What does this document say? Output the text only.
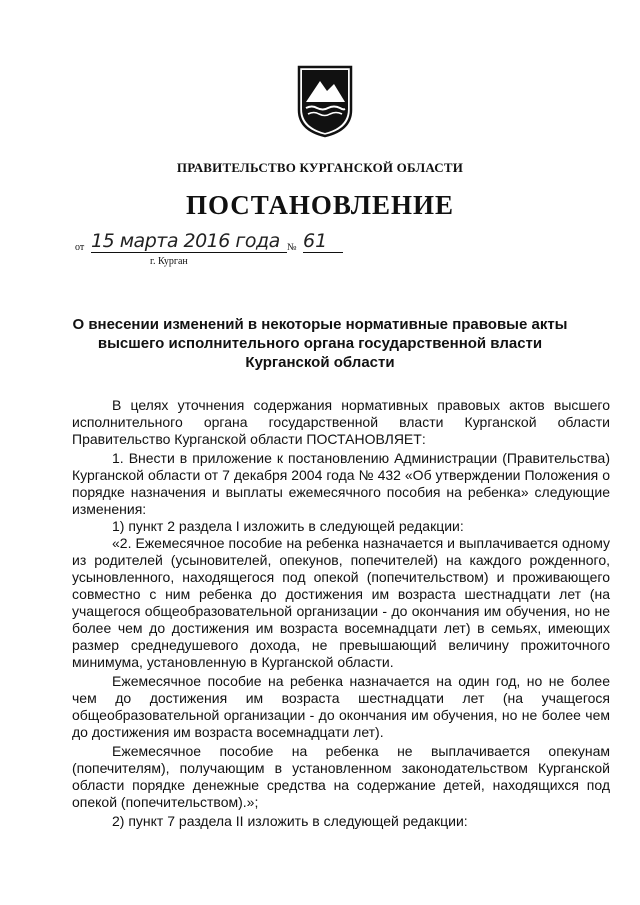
ПРАВИТЕЛЬСТВО КУРГАНСКОЙ ОБЛАСТИ
ПОСТАНОВЛЕНИЕ
от 15 марта 2016 года № 61
г. Курган
О внесении изменений в некоторые нормативные правовые акты
высшего исполнительного органа государственной власти
Курганской области

В целях уточнения содержания нормативных правовых актов высшего исполнительного органа государственной власти Курганской области Правительство Курганской области ПОСТАНОВЛЯЕТ:

1. Внести в приложение к постановлению Администрации (Правительства) Курганской области от 7 декабря 2004 года № 432 «Об утверждении Положения о порядке назначения и выплаты ежемесячного пособия на ребенка» следующие изменения:

1) пункт 2 раздела I изложить в следующей редакции:

«2. Ежемесячное пособие на ребенка назначается и выплачивается одному из родителей (усыновителей, опекунов, попечителей) на каждого рожденного, усыновленного, находящегося под опекой (попечительством) и проживающего совместно с ним ребенка до достижения им возраста шестнадцати лет (на учащегося общеобразовательной организации - до окончания им обучения, но не более чем до достижения им возраста восемнадцати лет) в семьях, имеющих размер среднедушевого дохода, не превышающий величину прожиточного минимума, установленную в Курганской области.

Ежемесячное пособие на ребенка назначается на один год, но не более чем до достижения им возраста шестнадцати лет (на учащегося общеобразовательной организации - до окончания им обучения, но не более чем до достижения им возраста восемнадцати лет).

Ежемесячное пособие на ребенка не выплачивается опекунам (попечителям), получающим в установленном законодательством Курганской области порядке денежные средства на содержание детей, находящихся под опекой (попечительством).»;

2) пункт 7 раздела II изложить в следующей редакции:
